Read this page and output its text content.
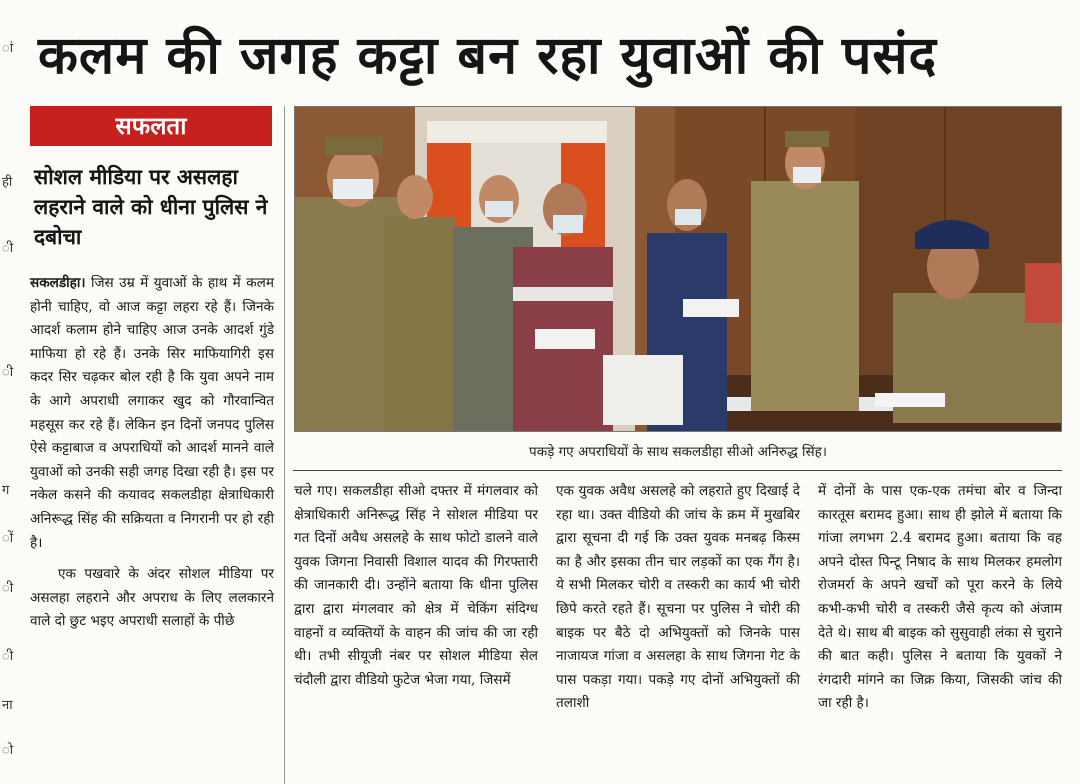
ां
ही
ी
ी
ग
ों
ी
ी
ना
ो
कलम की जगह कट्टा बन रहा युवाओं की पसंद
सफलता
सोशल मीडिया पर असलहा लहराने वाले को धीना पुलिस ने दबोचा

सकलडीहा। जिस उम्र में युवाओं के हाथ में कलम होनी चाहिए, वो आज कट्टा लहरा रहे हैं। जिनके आदर्श कलाम होने चाहिए आज उनके आदर्श गुंडे माफिया हो रहे हैं। उनके सिर माफियागिरी इस कदर सिर चढ़कर बोल रही है कि युवा अपने नाम के आगे अपराधी लगाकर खुद को गौरवान्वित महसूस कर रहे हैं। लेकिन इन दिनों जनपद पुलिस ऐसे कट्टाबाज व अपराधियों को आदर्श मानने वाले युवाओं को उनकी सही जगह दिखा रही है। इस पर नकेल कसने की कयावद सकलडीहा क्षेत्राधिकारी अनिरूद्ध सिंह की सक्रियता व निगरानी पर हो रही है।

एक पखवारे के अंदर सोशल मीडिया पर असलहा लहराने और अपराध के लिए ललकारने वाले दो छुट भइए अपराधी सलाहों के पीछे

पकड़े गए अपराधियों के साथ सकलडीहा सीओ अनिरुद्ध सिंह।
चले गए। सकलडीहा सीओ दफ्तर में मंगलवार को क्षेत्राधिकारी अनिरूद्ध सिंह ने सोशल मीडिया पर गत दिनों अवैध असलहे के साथ फोटो डालने वाले युवक जिगना निवासी विशाल यादव की गिरफ्तारी की जानकारी दी। उन्होंने बताया कि धीना पुलिस द्वारा द्वारा मंगलवार को क्षेत्र में चेकिंग संदिग्ध वाहनों व व्यक्तियों के वाहन की जांच की जा रही थी। तभी सीयूजी नंबर पर सोशल मीडिया सेल चंदौली द्वारा वीडियो फुटेज भेजा गया, जिसमें
एक युवक अवैध असलहे को लहराते हुए दिखाई दे रहा था। उक्त वीडियो की जांच के क्रम में मुखबिर द्वारा सूचना दी गई कि उक्त युवक मनबढ़ किस्म का है और इसका तीन चार लड़कों का एक गैंग है। ये सभी मिलकर चोरी व तस्करी का कार्य भी चोरी छिपे करते रहते हैं। सूचना पर पुलिस ने चोरी की बाइक पर बैठे दो अभियुक्तों को जिनके पास नाजायज गांजा व असलहा के साथ जिगना गेट के पास पकड़ा गया। पकड़े गए दोनों अभियुक्तों की तलाशी
में दोनों के पास एक-एक तमंचा बोर व जिन्दा कारतूस बरामद हुआ। साथ ही झोले में बताया कि गांजा लगभग 2.4 बरामद हुआ। बताया कि वह अपने दोस्त पिन्टू निषाद के साथ मिलकर हमलोग रोजमर्रा के अपने खर्चों को पूरा करने के लिये कभी-कभी चोरी व तस्करी जैसे कृत्य को अंजाम देते थे। साथ बी बाइक को सुसुवाही लंका से चुराने की बात कही। पुलिस ने बताया कि युवकों ने रंगदारी मांगने का जिक्र किया, जिसकी जांच की जा रही है।
